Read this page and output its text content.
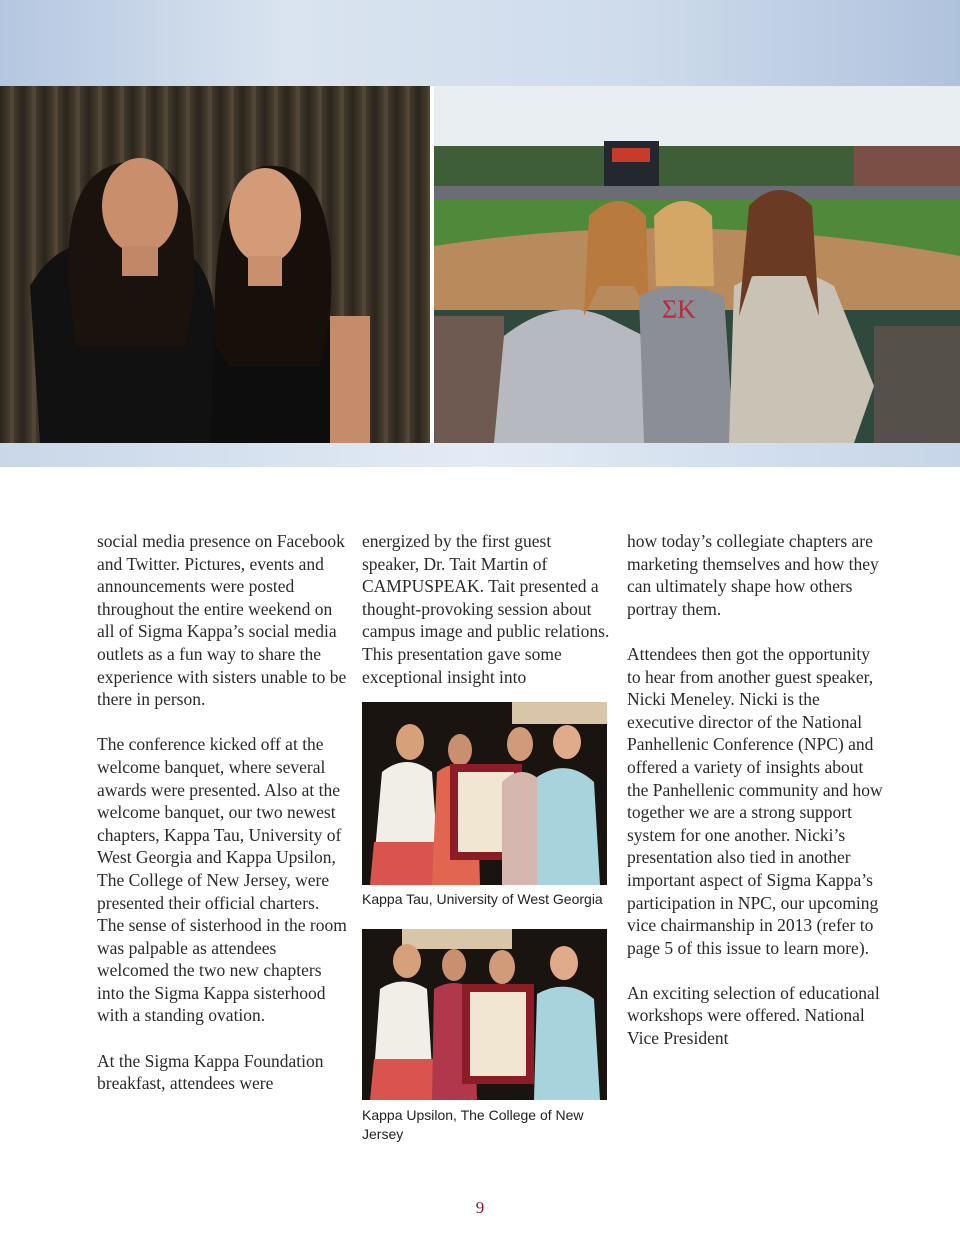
ΣΚ

social media presence on Facebook and Twitter. Pictures, events and announcements were posted throughout the entire weekend on all of Sigma Kappa’s social media outlets as a fun way to share the experience with sisters unable to be there in person.

The conference kicked off at the welcome banquet, where several awards were presented. Also at the welcome banquet, our two newest chapters, Kappa Tau, University of West Georgia and Kappa Upsilon, The College of New Jersey, were presented their official charters. The sense of sisterhood in the room was palpable as attendees welcomed the two new chapters into the Sigma Kappa sisterhood with a standing ovation.

At the Sigma Kappa Foundation breakfast, attendees were

energized by the first guest speaker, Dr. Tait Martin of CAMPUSPEAK. Tait presented a thought-provoking session about campus image and public relations. This presentation gave some exceptional insight into

Kappa Tau, University of West Georgia
Kappa Upsilon, The College of New Jersey

how today’s collegiate chapters are marketing themselves and how they can ultimately shape how others portray them.

Attendees then got the opportunity to hear from another guest speaker, Nicki Meneley. Nicki is the executive director of the National Panhellenic Conference (NPC) and offered a variety of insights about the Panhellenic community and how together we are a strong support system for one another. Nicki’s presentation also tied in another important aspect of Sigma Kappa’s participation in NPC, our upcoming vice chairmanship in 2013 (refer to page 5 of this issue to learn more).

An exciting selection of educational workshops were offered. National Vice President

9
